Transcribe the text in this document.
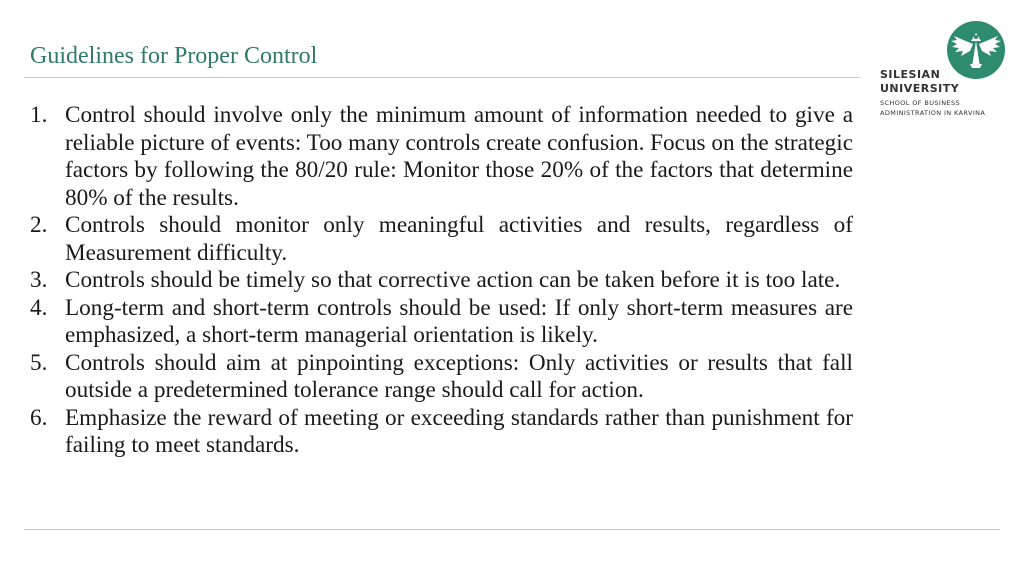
Guidelines for Proper Control
SILESIAN
UNIVERSITY
SCHOOL OF BUSINESS
ADMINISTRATION IN KARVINA
1. Control should involve only the minimum amount of information needed to give a reliable picture of events: Too many controls create confusion. Focus on the strategic factors by following the 80/20 rule: Monitor those 20% of the factors that determine 80% of the results.
2. Controls should monitor only meaningful activities and results, regardless of Measurement difficulty.
3. Controls should be timely so that corrective action can be taken before it is too late.
4. Long-term and short-term controls should be used: If only short-term measures are emphasized, a short-term managerial orientation is likely.
5. Controls should aim at pinpointing exceptions: Only activities or results that fall outside a predetermined tolerance range should call for action.
6. Emphasize the reward of meeting or exceeding standards rather than punishment for failing to meet standards.
